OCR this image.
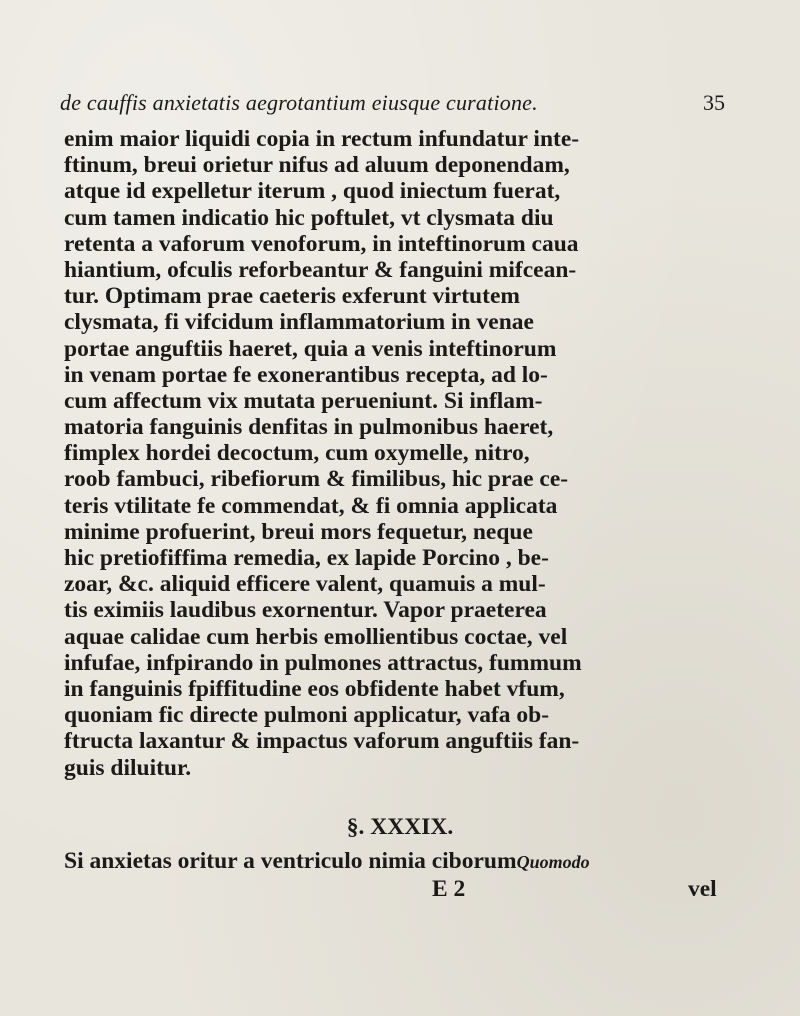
de cauffis anxietatis aegrotantium eiusque curatione.	35
enim maior liquidi copia in rectum infundatur inte-
ftinum, breui orietur nifus ad aluum deponendam,
atque id expelletur iterum , quod iniectum fuerat,
cum tamen indicatio hic poftulet, vt clysmata diu
retenta a vaforum venoforum, in inteftinorum caua
hiantium, ofculis reforbeantur & fanguini mifcean-
tur. Optimam prae caeteris exferunt virtutem
clysmata, fi vifcidum inflammatorium in venae
portae anguftiis haeret, quia a venis inteftinorum
in venam portae fe exonerantibus recepta, ad lo-
cum affectum vix mutata perueniunt. Si inflam-
matoria fanguinis denfitas in pulmonibus haeret,
fimplex hordei decoctum, cum oxymelle, nitro,
roob fambuci, ribefiorum & fimilibus, hic prae ce-
teris vtilitate fe commendat, & fi omnia applicata
minime profuerint, breui mors fequetur, neque
hic pretiofiffima remedia, ex lapide Porcino , be-
zoar, &c. aliquid efficere valent, quamuis a mul-
tis eximiis laudibus exornentur. Vapor praeterea
aquae calidae cum herbis emollientibus coctae, vel
infufae, infpirando in pulmones attractus, fummum
in fanguinis fpiffitudine eos obfidente habet vfum,
quoniam fic directe pulmoni applicatur, vafa ob-
ftructa laxantur & impactus vaforum anguftiis fan-
guis diluitur.
§. XXXIX.
Si anxietas oritur a ventriculo nimia ciborumQuomodo
E 2	vel
